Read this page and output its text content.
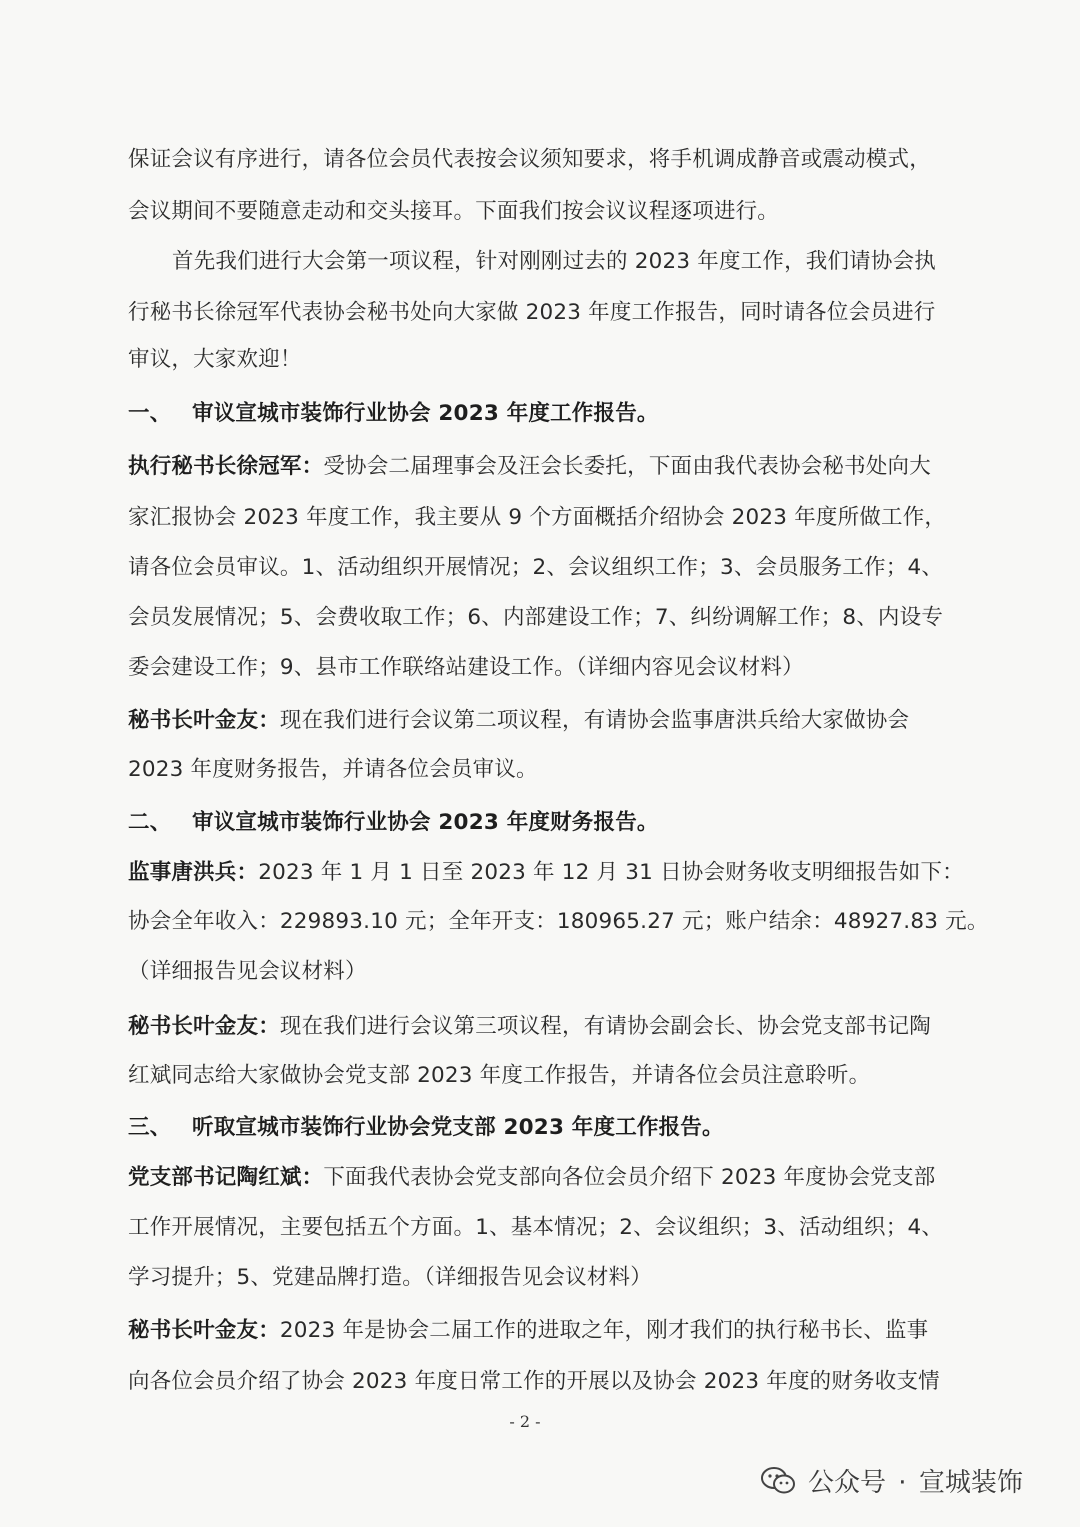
保证会议有序进行，请各位会员代表按会议须知要求，将手机调成静音或震动模式，
会议期间不要随意走动和交头接耳。下面我们按会议议程逐项进行。
首先我们进行大会第一项议程，针对刚刚过去的 2023 年度工作，我们请协会执
行秘书长徐冠军代表协会秘书处向大家做 2023 年度工作报告，同时请各位会员进行
审议，大家欢迎！
一、 审议宣城市装饰行业协会 2023 年度工作报告。
执行秘书长徐冠军：受协会二届理事会及汪会长委托，下面由我代表协会秘书处向大
家汇报协会 2023 年度工作，我主要从 9 个方面概括介绍协会 2023 年度所做工作，
请各位会员审议。1、活动组织开展情况；2、会议组织工作；3、会员服务工作；4、
会员发展情况；5、会费收取工作；6、内部建设工作；7、纠纷调解工作；8、内设专
委会建设工作；9、县市工作联络站建设工作。（详细内容见会议材料）
秘书长叶金友：现在我们进行会议第二项议程，有请协会监事唐洪兵给大家做协会
2023 年度财务报告，并请各位会员审议。
二、 审议宣城市装饰行业协会 2023 年度财务报告。
监事唐洪兵：2023 年 1 月 1 日至 2023 年 12 月 31 日协会财务收支明细报告如下：
协会全年收入：229893.10 元；全年开支：180965.27 元；账户结余：48927.83 元。
（详细报告见会议材料）
秘书长叶金友：现在我们进行会议第三项议程，有请协会副会长、协会党支部书记陶
红斌同志给大家做协会党支部 2023 年度工作报告，并请各位会员注意聆听。
三、 听取宣城市装饰行业协会党支部 2023 年度工作报告。
党支部书记陶红斌：下面我代表协会党支部向各位会员介绍下 2023 年度协会党支部
工作开展情况，主要包括五个方面。1、基本情况；2、会议组织；3、活动组织；4、
学习提升；5、党建品牌打造。（详细报告见会议材料）
秘书长叶金友：2023 年是协会二届工作的进取之年，刚才我们的执行秘书长、监事
向各位会员介绍了协会 2023 年度日常工作的开展以及协会 2023 年度的财务收支情
- 2 -
公众号 · 宣城装饰
